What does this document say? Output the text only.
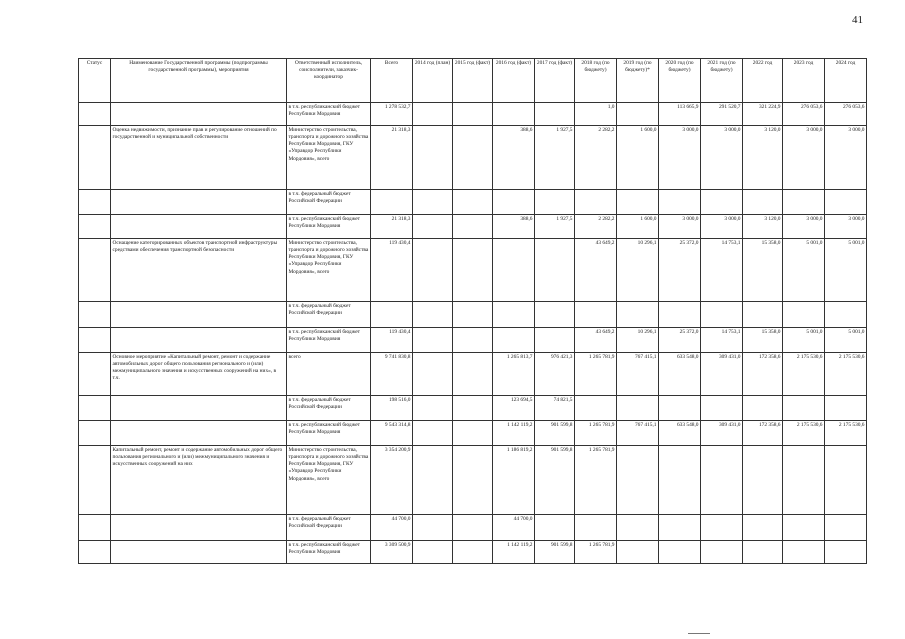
41
Статус	Наименование Государственной программы (подпрограммы государственной программы), мероприятия	Ответственный исполнитель, соисполнители, заказчик-координатор	Всего	2014 год (план)	2015 год (факт)	2016 год (факт)	2017 год (факт)	2018 год (по бюджету)	2019 год (по бюджету)*	2020 год (по бюджету)	2021 год (по бюджету)	2022 год	2023 год	2024 год
		в т.ч. республиканский бюджет Республики Мордовия	1 278 532,7					1,0		113 665,9	291 520,7	321 224,9	276 053,6	276 053,6
	Оценка недвижимости, признание прав и регулирование отношений по государственной и муниципальной собственности	Министерство строительства, транспорта и дорожного хозяйства Республики Мордовия, ГКУ «Управдор Республики Мордовия», всего	21 318,3			388,6	1 927,5	2 282,2	1 600,0	3 000,0	3 000,0	3 120,0	3 000,0	3 000,0
		в т.ч. федеральный бюджет Российской Федерации												
		в т.ч. республиканский бюджет Республики Мордовия	21 318,3			388,6	1 927,5	2 282,2	1 600,0	3 000,0	3 000,0	3 120,0	3 000,0	3 000,0
	Оснащение категорированных объектов транспортной инфраструктуры средствами обеспечения транспортной безопасности	Министерство строительства, транспорта и дорожного хозяйства Республики Мордовия, ГКУ «Управдор Республики Мордовия», всего	119 430,4					43 649,2	10 296,1	25 372,0	14 753,1	15 358,0	5 001,0	5 001,0
		в т.ч. федеральный бюджет Российской Федерации												
		в т.ч. республиканский бюджет Республики Мордовия	119 430,4					43 649,2	10 296,1	25 372,0	14 753,1	15 358,0	5 001,0	5 001,0
	Основное мероприятие «Капитальный ремонт, ремонт и содержание автомобильных дорог общего пользования регионального и (или) межмуниципального значения и искусственных сооружений на них», в т.ч.	всего	9 741 830,8			1 265 813,7	976 421,3	1 265 781,9	767 415,1	633 548,0	309 431,0	172 358,6	2 175 530,6	2 175 530,6
		в т.ч. федеральный бюджет Российской Федерации	198 516,0			123 694,5	74 821,5							
		в т.ч. республиканский бюджет Республики Мордовия	9 543 314,8			1 142 119,2	901 599,8	1 265 781,9	767 415,1	633 548,0	309 431,0	172 358,6	2 175 530,6	2 175 530,6
	Капитальный ремонт, ремонт и содержание автомобильных дорог общего пользования регионального и (или) межмуниципального значения и искусственных сооружений на них	Министерство строительства, транспорта и дорожного хозяйства Республики Мордовия, ГКУ «Управдор Республики Мордовия», всего	3 354 200,9			1 186 819,2	901 599,8	1 265 781,9						
		в т.ч. федеральный бюджет Российской Федерации	44 700,0			44 700,0								
		в т.ч. республиканский бюджет Республики Мордовия	3 309 500,9			1 142 119,2	901 599,8	1 265 781,9						
